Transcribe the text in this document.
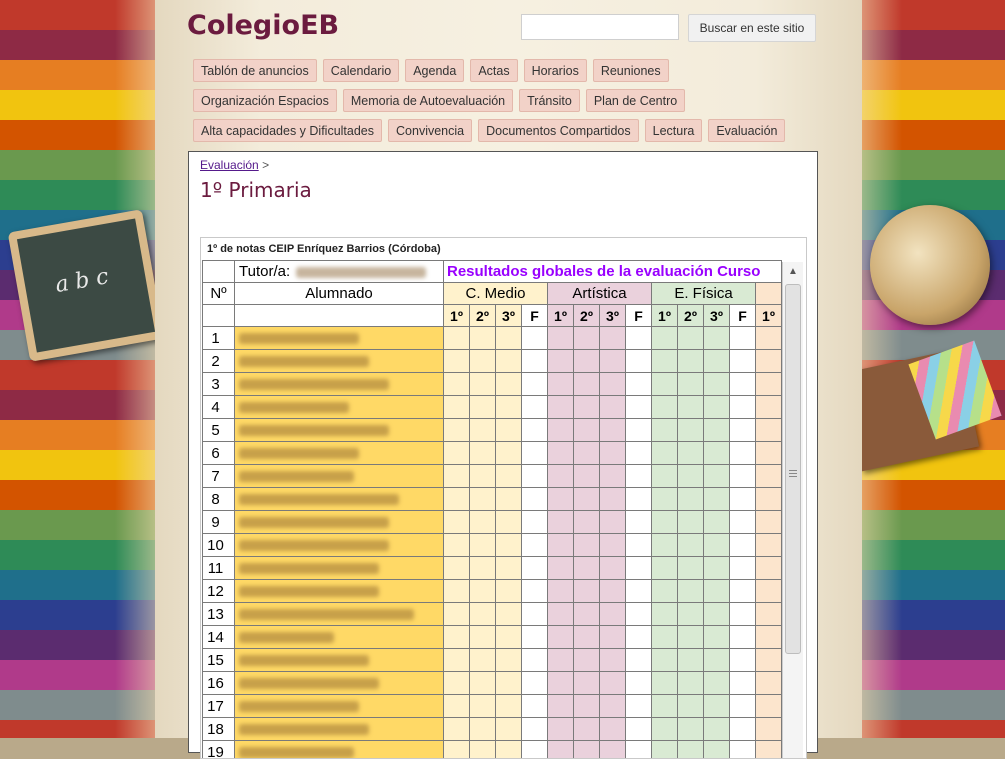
a b c
ColegioEB	Buscar en este sitio
Tablón de anuncios	Calendario	Agenda	Actas	Horarios	Reuniones
Organización Espacios	Memoria de Autoevaluación	Tránsito	Plan de Centro
Alta capacidades y Dificultades	Convivencia	Documentos Compartidos	Lectura	Evaluación
Evaluación >
1º Primaria
1º de notas CEIP Enríquez Barrios (Córdoba)
	Tutor/a:	Resultados globales de la evaluación Curso												
Nº	Alumnado	C. Medio				Artística				E. Física				
		1º	2º	3º	F	1º	2º	3º	F	1º	2º	3º	F	1º
1														
2														
3														
4														
5														
6														
7														
8														
9														
10														
11														
12														
13														
14														
15														
16														
17														
18														
19														
▲
